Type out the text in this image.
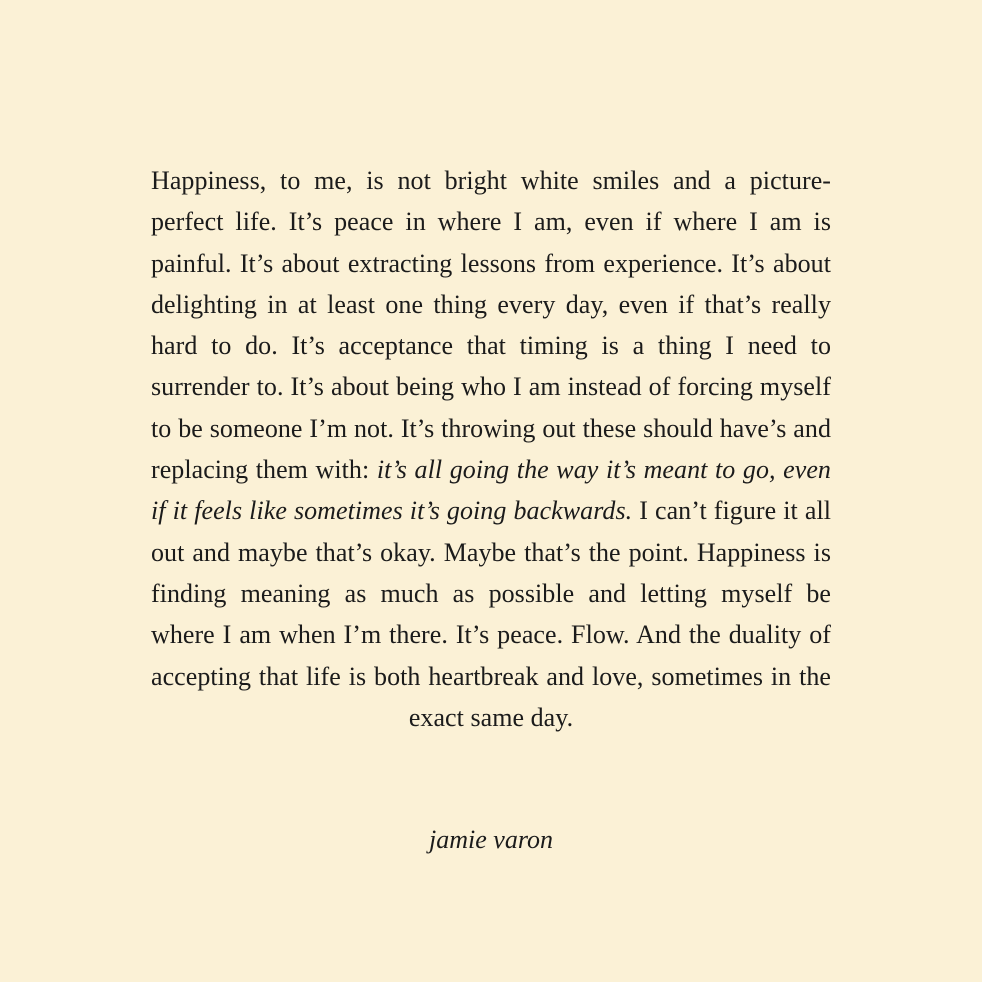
Happiness, to me, is not bright white smiles and a picture-perfect life. It’s peace in where I am, even if where I am is painful. It’s about extracting lessons from experience. It’s about delighting in at least one thing every day, even if that’s really hard to do. It’s acceptance that timing is a thing I need to surrender to. It’s about being who I am instead of forcing myself to be someone I’m not. It’s throwing out these should have’s and replacing them with: it’s all going the way it’s meant to go, even if it feels like sometimes it’s going backwards. I can’t figure it all out and maybe that’s okay. Maybe that’s the point. Happiness is finding meaning as much as possible and letting myself be where I am when I’m there. It’s peace. Flow. And the duality of accepting that life is both heartbreak and love, sometimes in the exact same day.

jamie varon
